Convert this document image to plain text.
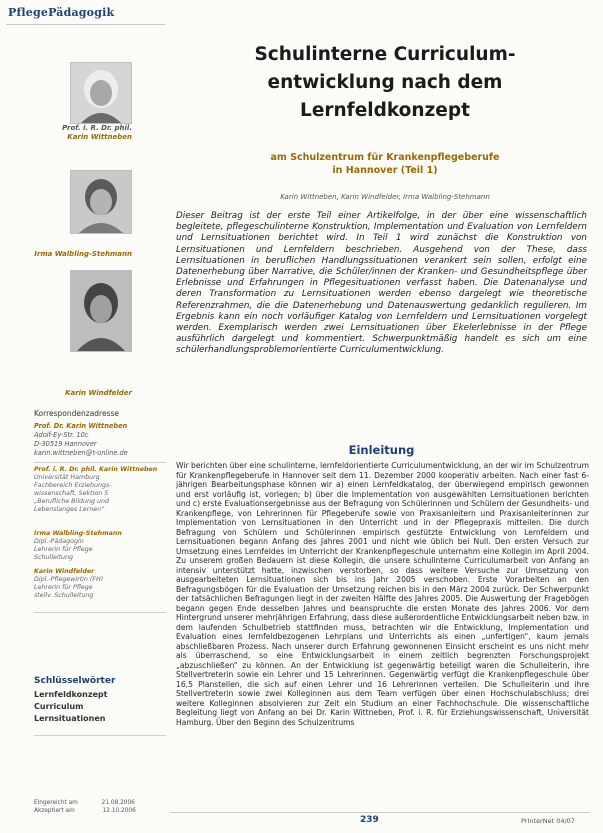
PflegePädagogik
Prof. i. R. Dr. phil.
Karin Wittneben
Irma Walbling-Stehmann
Karin Windfelder
Korrespondenzadresse
Prof. Dr. Karin Wittneben
Adolf-Ey-Str. 10c
D-30519 Hannover
karin.wittneben@t-online.de
Prof. i. R. Dr. phil. Karin Wittneben
Universität Hamburg
Fachbereich Erziehungs-
wissenschaft, Sektion 5
„Berufliche Bildung und
Lebenslanges Lernen“
Irma Walbling-Stehmann
Dipl.-Pädagogin
Lehrerin für Pflege
Schulleitung
Karin Windfelder
Dipl.-Pflegewirtin (FH)
Lehrerin für Pflege
stellv. Schulleitung
Schlüsselwörter
Lernfeldkonzept
Curriculum
Lernsituationen
Eingereicht am	21.08.2006
Akzeptiert am	12.10.2006
Schulinterne Curriculum-
entwicklung nach dem
Lernfeldkonzept
am Schulzentrum für Krankenpflegeberufe
in Hannover (Teil 1)
Karin Wittneben, Karin Windfelder, Irma Walbling-Stehmann
Dieser Beitrag ist der erste Teil einer Artikelfolge, in der über eine wissenschaftlich begleitete, pflegeschulinterne Konstruktion, Implementation und Evaluation von Lernfeldern und Lernsituationen berichtet wird. In Teil 1 wird zunächst die Konstruktion von Lernsituationen und Lernfeldern beschrieben. Ausgehend von der These, dass Lernsituationen in beruflichen Handlungssituationen verankert sein sollen, erfolgt eine Datenerhebung über Narrative, die Schüler/innen der Kranken- und Gesundheitspflege über Erlebnisse und Erfahrungen in Pflegesituationen verfasst haben. Die Datenanalyse und deren Transformation zu Lernsituationen werden ebenso dargelegt wie theoretische Referenzrahmen, die die Datenerhebung und Datenauswertung gedanklich regulieren. Im Ergebnis kann ein noch vorläufiger Katalog von Lernfeldern und Lernsituationen vorgelegt werden. Exemplarisch werden zwei Lernsituationen über Ekelerlebnisse in der Pflege ausführlich dargelegt und kommentiert. Schwerpunktmäßig handelt es sich um eine schülerhandlungsproblemorientierte Curriculumentwicklung.
Einleitung
Wir berichten über eine schulinterne, lernfeldorientierte Curriculumentwicklung, an der wir im Schulzentrum für Krankenpflegeberufe in Hannover seit dem 11. Dezember 2000 kooperativ arbeiten. Nach einer fast 6-jährigen Bearbeitungsphase können wir a) einen Lernfeldkatalog, der überwiegend empirisch gewonnen und erst vorläufig ist, vorlegen; b) über die Implementation von ausgewählten Lernsituationen berichten und c) erste Evaluationsergebnisse aus der Befragung von Schülerinnen und Schülern der Gesundheits- und Krankenpflege, von Lehrerinnen für Pflegeberufe sowie von Praxisanleitern und Praxisanleiterinnen zur Implementation von Lernsituationen in den Unterricht und in der Pflegepraxis mitteilen. Die durch Befragung von Schülern und Schülerinnen empirisch gestützte Entwicklung von Lernfeldern und Lernsituationen begann Anfang des Jahres 2001 und nicht wie üblich bei Null. Den ersten Versuch zur Umsetzung eines Lernfeldes im Unterricht der Krankenpflegeschule unternahm eine Kollegin im April 2004. Zu unserem großen Bedauern ist diese Kollegin, die unsere schulinterne Curriculumarbeit von Anfang an intensiv unterstützt hatte, inzwischen verstorben, so dass weitere Versuche zur Umsetzung von ausgearbeiteten Lernsituationen sich bis ins Jahr 2005 verschoben. Erste Vorarbeiten an den Befragungsbögen für die Evaluation der Umsetzung reichen bis in den März 2004 zurück. Der Schwerpunkt der tatsächlichen Befragungen liegt in der zweiten Hälfte des Jahres 2005. Die Auswertung der Fragebögen begann gegen Ende desselben Jahres und beanspruchte die ersten Monate des Jahres 2006. Vor dem Hintergrund unserer mehrjährigen Erfahrung, dass diese außerordentliche Entwicklungsarbeit neben bzw. in dem laufenden Schulbetrieb stattfinden muss, betrachten wir die Entwicklung, Implementation und Evaluation eines lernfeldbezogenen Lehrplans und Unterrichts als einen „unfertigen“, kaum jemals abschließbaren Prozess. Nach unserer durch Erfahrung gewonnenen Einsicht erscheint es uns nicht mehr als überraschend, so eine Entwicklungsarbeit in einem zeitlich begrenzten Forschungsprojekt „abzuschließen“ zu können. An der Entwicklung ist gegenwärtig beteiligt waren die Schulleiterin, ihre Stellvertreterin sowie ein Lehrer und 15 Lehrerinnen. Gegenwärtig verfügt die Krankenpflegeschule über 16,5 Planstellen, die sich auf einen Lehrer und 16 Lehrerinnen verteilen. Die Schulleiterin und ihre Stellvertreterin sowie zwei Kolleginnen aus dem Team verfügen über einen Hochschulabschluss; drei weitere Kolleginnen absolvieren zur Zeit ein Studium an einer Fachhochschule. Die wissenschaftliche Begleitung liegt von Anfang an bei Dr. Karin Wittneben, Prof. i. R. für Erziehungswissenschaft, Universität Hamburg. Über den Beginn des Schulzentrums
239	PrInterNet 04/07
